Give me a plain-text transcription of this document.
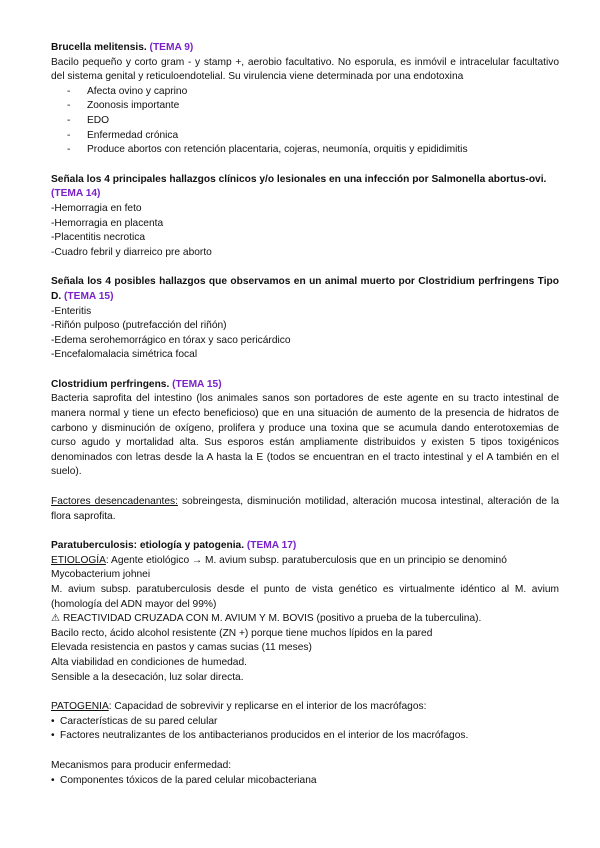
Brucella melitensis. (TEMA 9)

Bacilo pequeño y corto gram - y stamp +, aerobio facultativo. No esporula, es inmóvil e intracelular facultativo del sistema genital y reticuloendotelial. Su virulencia viene determinada por una endotoxina

- Afecta ovino y caprino
- Zoonosis importante
- EDO
- Enfermedad crónica
- Produce abortos con retención placentaria, cojeras, neumonía, orquitis y epididimitis

Señala los 4 principales hallazgos clínicos y/o lesionales en una infección por Salmonella abortus-ovi.
(TEMA 14)

-Hemorragia en feto

-Hemorragia en placenta

-Placentitis necrotica

-Cuadro febril y diarreico pre aborto

Señala los 4 posibles hallazgos que observamos en un animal muerto por Clostridium perfringens Tipo D. (TEMA 15)

-Enteritis

-Riñón pulposo (putrefacción del riñón)

-Edema serohemorrágico en tórax y saco pericárdico

-Encefalomalacia simétrica focal

Clostridium perfringens. (TEMA 15)

Bacteria saprofita del intestino (los animales sanos son portadores de este agente en su tracto intestinal de manera normal y tiene un efecto beneficioso) que en una situación de aumento de la presencia de hidratos de carbono y disminución de oxígeno, prolifera y produce una toxina que se acumula dando enterotoxemias de curso agudo y mortalidad alta. Sus esporos están ampliamente distribuidos y existen 5 tipos toxigénicos denominados con letras desde la A hasta la E (todos se encuentran en el tracto intestinal y el A también en el suelo).

Factores desencadenantes: sobreingesta, disminución motilidad, alteración mucosa intestinal, alteración de la flora saprofita.

Paratuberculosis: etiología y patogenia. (TEMA 17)

ETIOLOGÍA: Agente etiológico → M. avium subsp. paratuberculosis que en un principio se denominó Mycobacterium johnei

M. avium subsp. paratuberculosis desde el punto de vista genético es virtualmente idéntico al M. avium (homología del ADN mayor del 99%)

⚠ REACTIVIDAD CRUZADA CON M. AVIUM Y M. BOVIS (positivo a prueba de la tuberculina).

Bacilo recto, ácido alcohol resistente (ZN +) porque tiene muchos lípidos en la pared

Elevada resistencia en pastos y camas sucias (11 meses)

Alta viabilidad en condiciones de humedad.

Sensible a la desecación, luz solar directa.

PATOGENIA: Capacidad de sobrevivir y replicarse en el interior de los macrófagos:

• Características de su pared celular
• Factores neutralizantes de los antibacterianos producidos en el interior de los macrófagos.

Mecanismos para producir enfermedad:

• Componentes tóxicos de la pared celular micobacteriana
